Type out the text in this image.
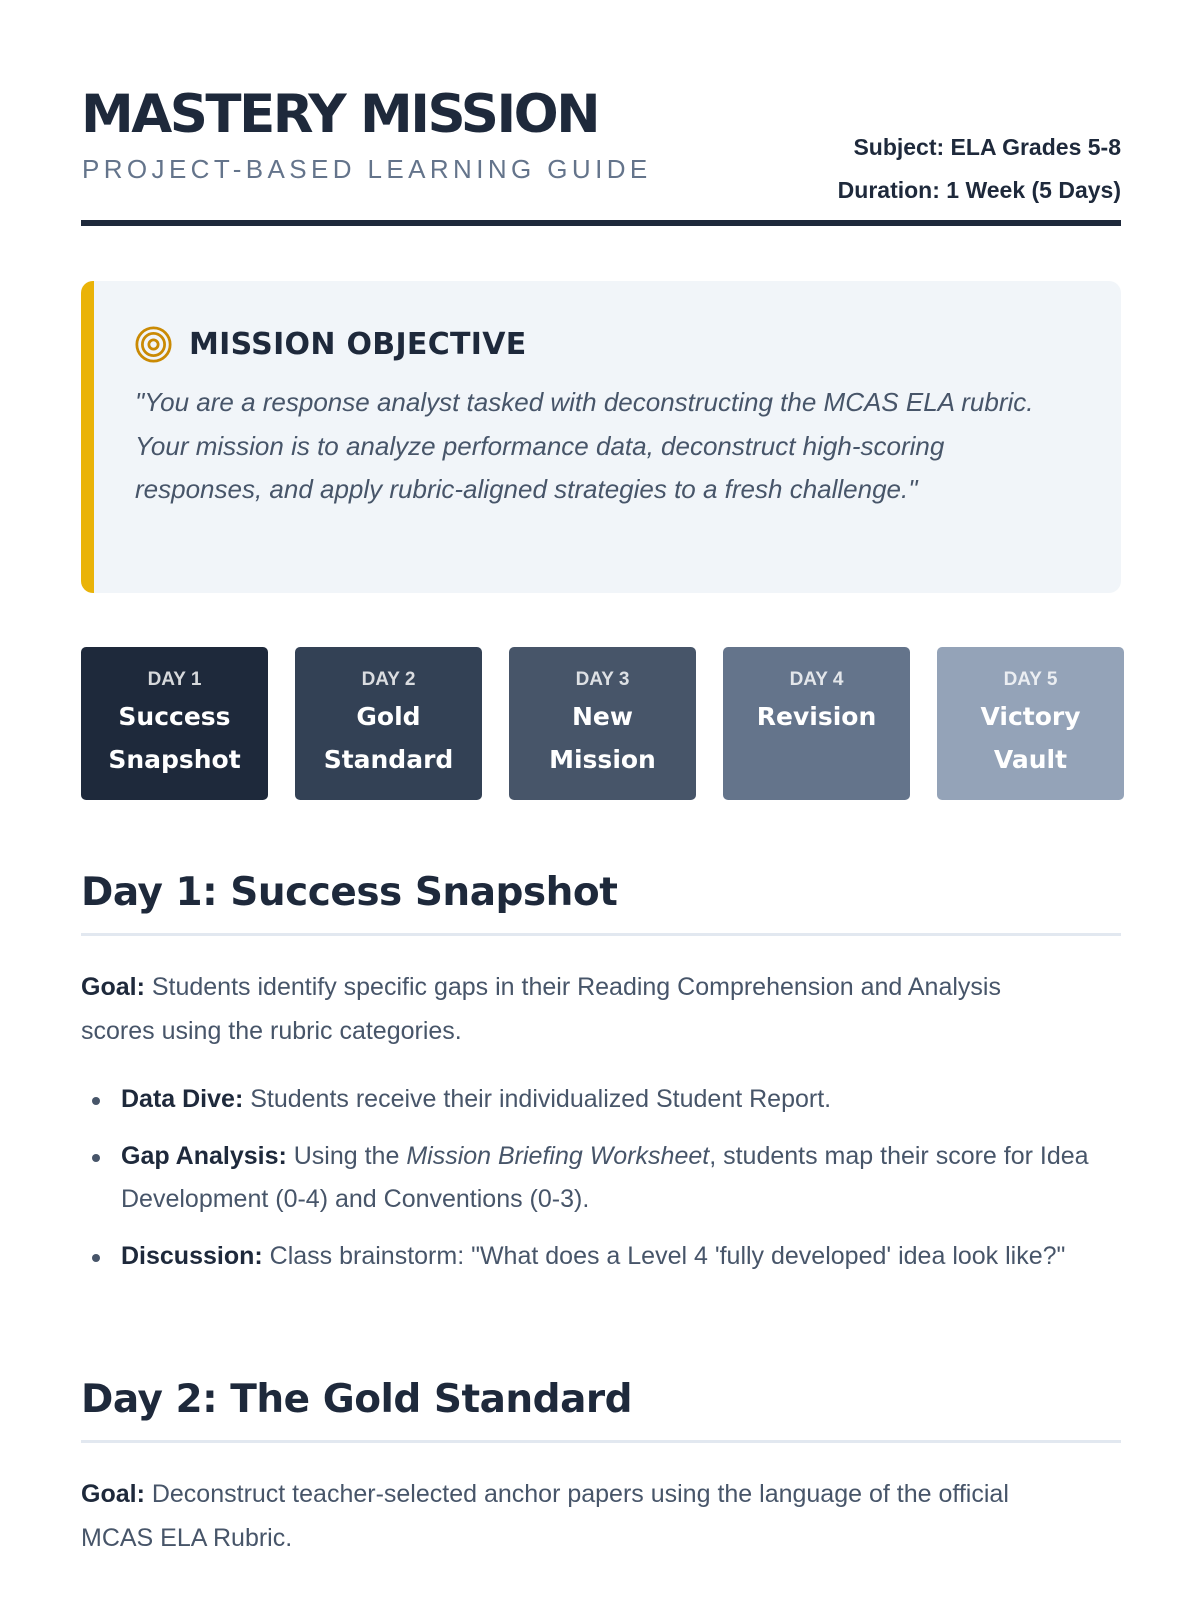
MASTERY MISSION
PROJECT-BASED LEARNING GUIDE
Subject: ELA Grades 5-8
Duration: 1 Week (5 Days)
MISSION OBJECTIVE
"You are a response analyst tasked with deconstructing the MCAS ELA rubric. Your mission is to analyze performance data, deconstruct high-scoring responses, and apply rubric-aligned strategies to a fresh challenge."
DAY 1
Success
Snapshot
DAY 2
Gold
Standard
DAY 3
New
Mission
DAY 4
Revision
DAY 5
Victory
Vault
Day 1: Success Snapshot
Goal: Students identify specific gaps in their Reading Comprehension and Analysis scores using the rubric categories.
Data Dive: Students receive their individualized Student Report.
Gap Analysis: Using the Mission Briefing Worksheet, students map their score for Idea Development (0-4) and Conventions (0-3).
Discussion: Class brainstorm: "What does a Level 4 'fully developed' idea look like?"
Day 2: The Gold Standard
Goal: Deconstruct teacher-selected anchor papers using the language of the official MCAS ELA Rubric.
